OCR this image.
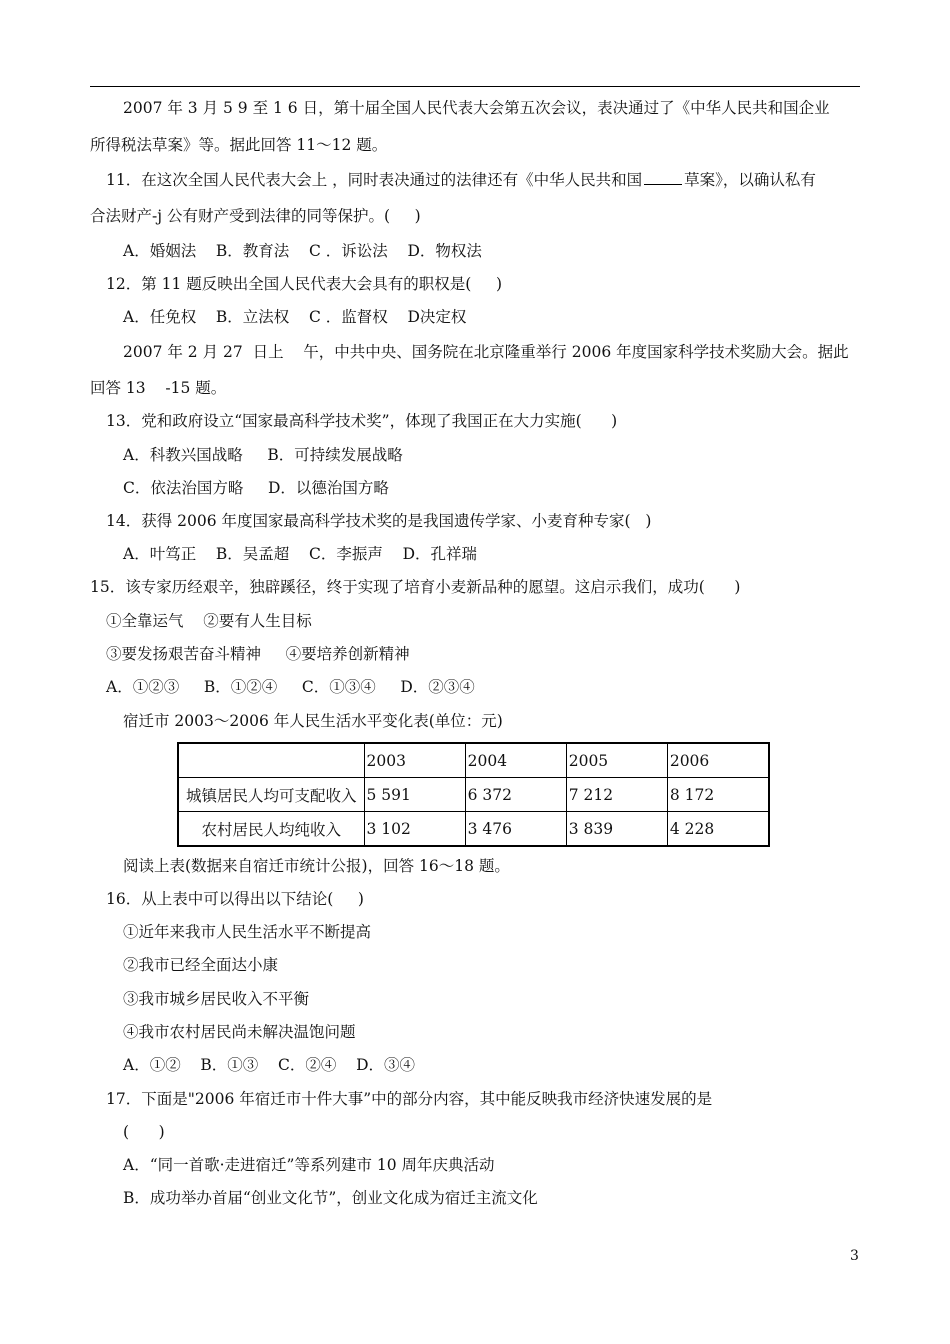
2007 年 3 月 5 9 至 1 6 日，第十届全国人民代表大会第五次会议，表决通过了《中华人民共和国企业
所得税法草案》等。据此回答 11～12 题。
11．在这次全国人民代表大会上 ，同时表决通过的法律还有《中华人民共和国	草案》，以确认私有
合法财产-j 公有财产受到法律的同等保护。(     )
A．婚姻法    B．教育法    C ．诉讼法    D．物权法
12．第 11 题反映出全国人民代表大会具有的职权是(     )
A．任免权    B．立法权    C ．监督权    D决定权
2007 年 2 月 27  日上    午，中共中央、国务院在北京隆重举行 2006 年度国家科学技术奖励大会。据此
回答 13    -15 题。
13．党和政府设立“国家最高科学技术奖”，体现了我国正在大力实施(      )
A．科教兴国战略     B．可持续发展战略
C．依法治国方略     D．以德治国方略
14．获得 2006 年度国家最高科学技术奖的是我国遗传学家、小麦育种专家(   )
A．叶笃正    B．吴孟超    C．李振声    D．孔祥瑞
15．该专家历经艰辛，独辟蹊径，终于实现了培育小麦新品种的愿望。这启示我们，成功(      )
①全靠运气    ②要有人生目标
③要发扬艰苦奋斗精神     ④要培养创新精神
A．①②③     B．①②④     C．①③④     D．②③④
宿迁市 2003～2006 年人民生活水平变化表(单位：元)
	2003	2004	2005	2006
城镇居民人均可支配收入	5 591	6 372	7 212	8 172
农村居民人均纯收入	3 102	3 476	3 839	4 228
阅读上表(数据来自宿迁市统计公报)，回答 16～18 题。
16．从上表中可以得出以下结论(     )
①近年来我市人民生活水平不断提高
②我市已经全面达小康
③我市城乡居民收入不平衡
④我市农村居民尚未解决温饱问题
A．①②    B．①③    C．②④    D．③④
17．下面是"2006 年宿迁市十件大事”中的部分内容，其中能反映我市经济快速发展的是
(      )
A．“同一首歌·走进宿迁”等系列建市 10 周年庆典活动
B．成功举办首届“创业文化节”，创业文化成为宿迁主流文化
3
